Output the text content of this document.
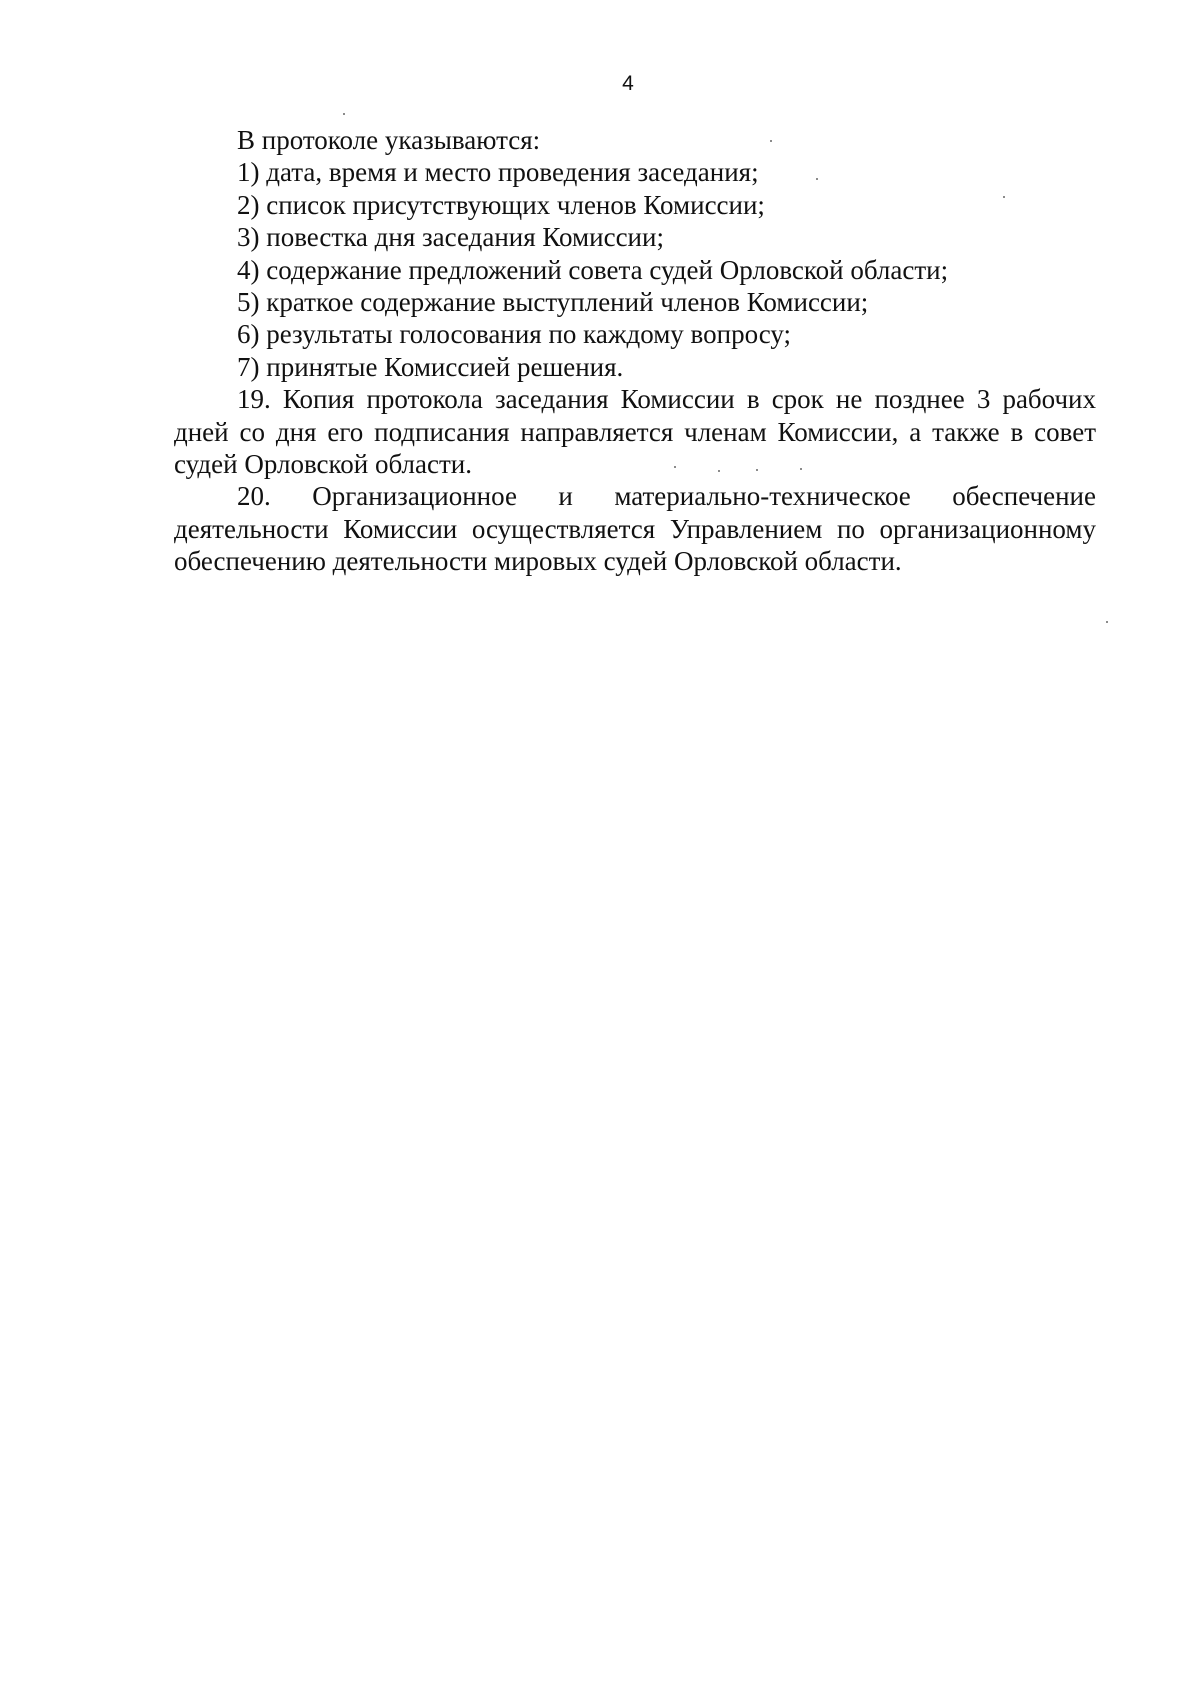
4

В протоколе указываются:

1) дата, время и место проведения заседания;

2) список присутствующих членов Комиссии;

3) повестка дня заседания Комиссии;

4) содержание предложений совета судей Орловской области;

5) краткое содержание выступлений членов Комиссии;

6) результаты голосования по каждому вопросу;

7) принятые Комиссией решения.

19. Копия протокола заседания Комиссии в срок не позднее 3 рабочих

дней со дня его подписания направляется членам Комиссии, а также в совет

судей Орловской области.

20. Организационное и материально-техническое обеспечение

деятельности Комиссии осуществляется Управлением по организационному

обеспечению деятельности мировых судей Орловской области.
